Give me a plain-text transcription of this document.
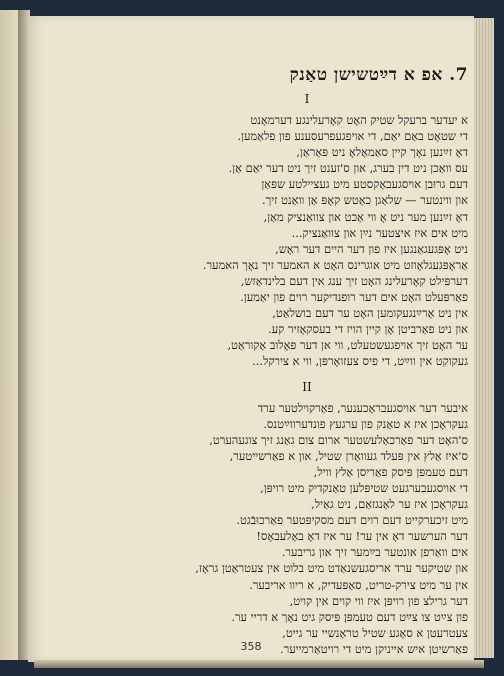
7. אפ א דײַטשישן טאַנק
I
א יעדער ברעקל שטיק האָט קאָרעלינגע דערמאָנט
די שטאָט באַם יאַם, די אויפגעפרעסענע פון פלאַמען.
דאָ זײַנען נאָך קיין סאַמאָלאָ ניט פּאַראַן,
עס וואַכן ניט דין בערג, און ס'זענט זיך ניט דער יאַם אַן.
דעם גרוּבן אויסגעבאַקסטע מיט געציילטע שפּאַן
און ווינטער — שלאַגן כאַטש קאָפּ אַן וואַנט זיך.
דאָ זײַנען מער ניט אָ ווי אַכט און צוואַנציק מאַן,
מיט אים איז איצטער נײַן און צוואַנציק...
ניט אָפּגעגאַנגען איז פון דער היים דער ראָש,
אַראָפּגעגלאָוזט מיט אוגרינס האָט א האמער זיך נאָך האמער.
דערפּילט קאָרעלינג האָט זיך ענג אין דעם בלינדאַזש,
פאַרפּעלט האָט אים דער רופנדיקער רוים פון יאַמען.
אין ניט אַרײַנגעקומען האָט ער דעם בושלאַט,
און ניט פאַרביטן אָן קיין הויז די בעסקאָזיר קע.
ער האָט זיך אויפגעשטעלט, ווי אן דער פּאָלוב אַקוראַט,
געקוקט אין ווײַט, די פיס צעזואָרפּן, ווי א צירקל...
II
איבער דער אויסגעבראָכענער, פאַרקוילטער ערד
געקראָכן איז א טאַנק פון ערגעץ פונדערווײַטנס.
ס'האָט דער פאַרכאַלעשטער ארום צום גאַנג זיך צוגעהערט,
ס'איז אַלץ אין פּעלד געוואָרן שטיל, און א פאַרשייטער,
דעם טעמפּן פּיסק פאַריסן אַלץ וויל,
די אויסגעבערגעט שטיפּלען טאַנקדיק מיט רויפּן,
געקראָכן איז ער לאַנגזאַם, ניט גאַיל,
מיט זיכערקייט דעם רוים דעם מסקיפּטער פאַרכוּבֿגט.
דער הערשער דאָ אין ער! ער איז דאָ באַלעבאָס!
אים וואַרפן אונטער בײַמער זיך און גריבער.
און שטיקער ערד אריסגעשנאַדט מיט בלוט אין צעטראַטן גראָז,
אין ער מיט צירק-טריט, סאַפּעדיק, א ריוו אריבער.
דער גרילצ פון רויפּן איז ווי קוים אין קויט,
פון צײַט צו צײַט דעם טעמפּן פּיסק גיט נאָך א דריי ער.
צעטרעטן א סאָגע שטיל טראַנשיי ער גייט,
פאַרשיטן איש אייניקן מיט די רויטאַרמייער.
358
